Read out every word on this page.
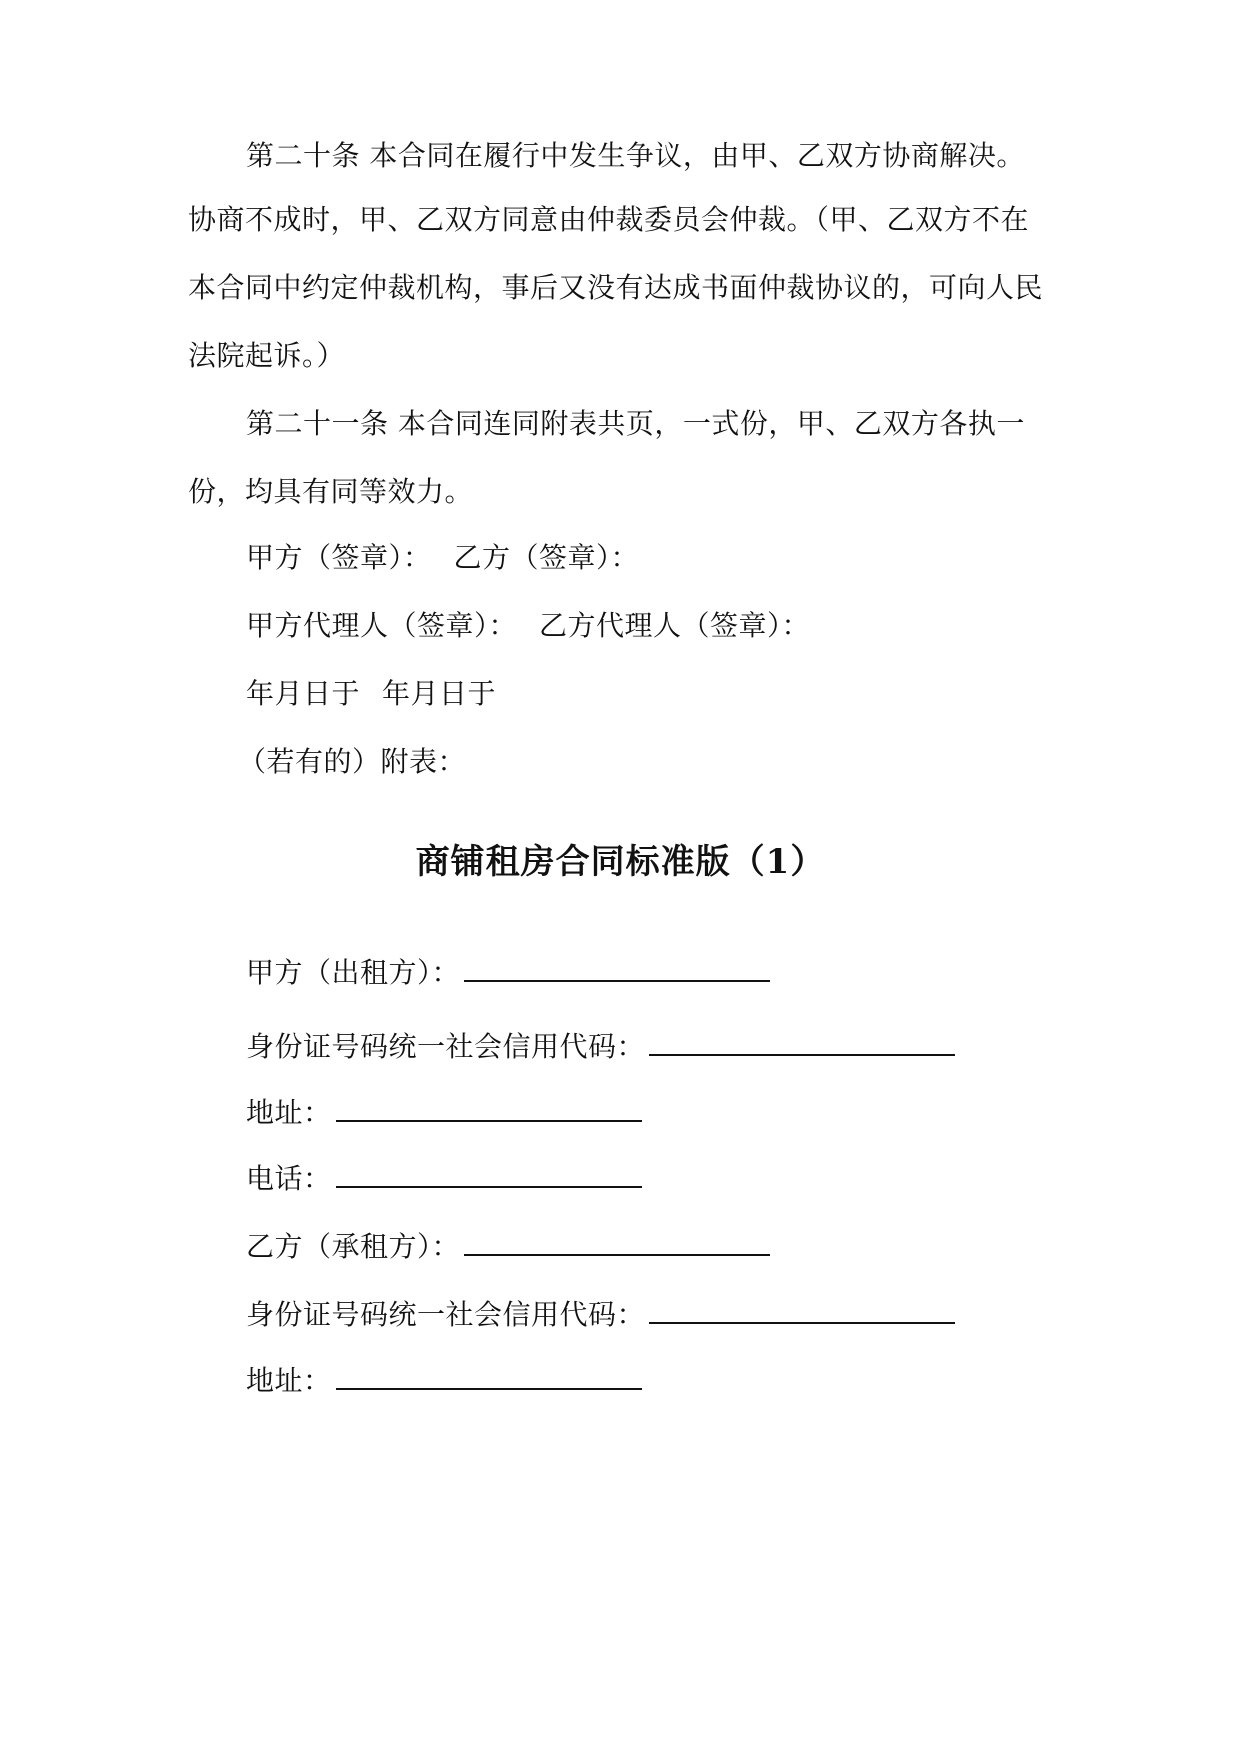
第二十条 本合同在履行中发生争议，由甲、乙双方协商解决。
协商不成时，甲、乙双方同意由仲裁委员会仲裁。（甲、乙双方不在
本合同中约定仲裁机构，事后又没有达成书面仲裁协议的，可向人民
法院起诉。）
第二十一条 本合同连同附表共页，一式份，甲、乙双方各执一
份，均具有同等效力。
甲方（签章）： 乙方（签章）：
甲方代理人（签章）： 乙方代理人（签章）：
年月日于 年月日于
（若有的）附表：
商铺租房合同标准版（1）
甲方（出租方）：
身份证号码统一社会信用代码：
地址：
电话：
乙方（承租方）：
身份证号码统一社会信用代码：
地址：
